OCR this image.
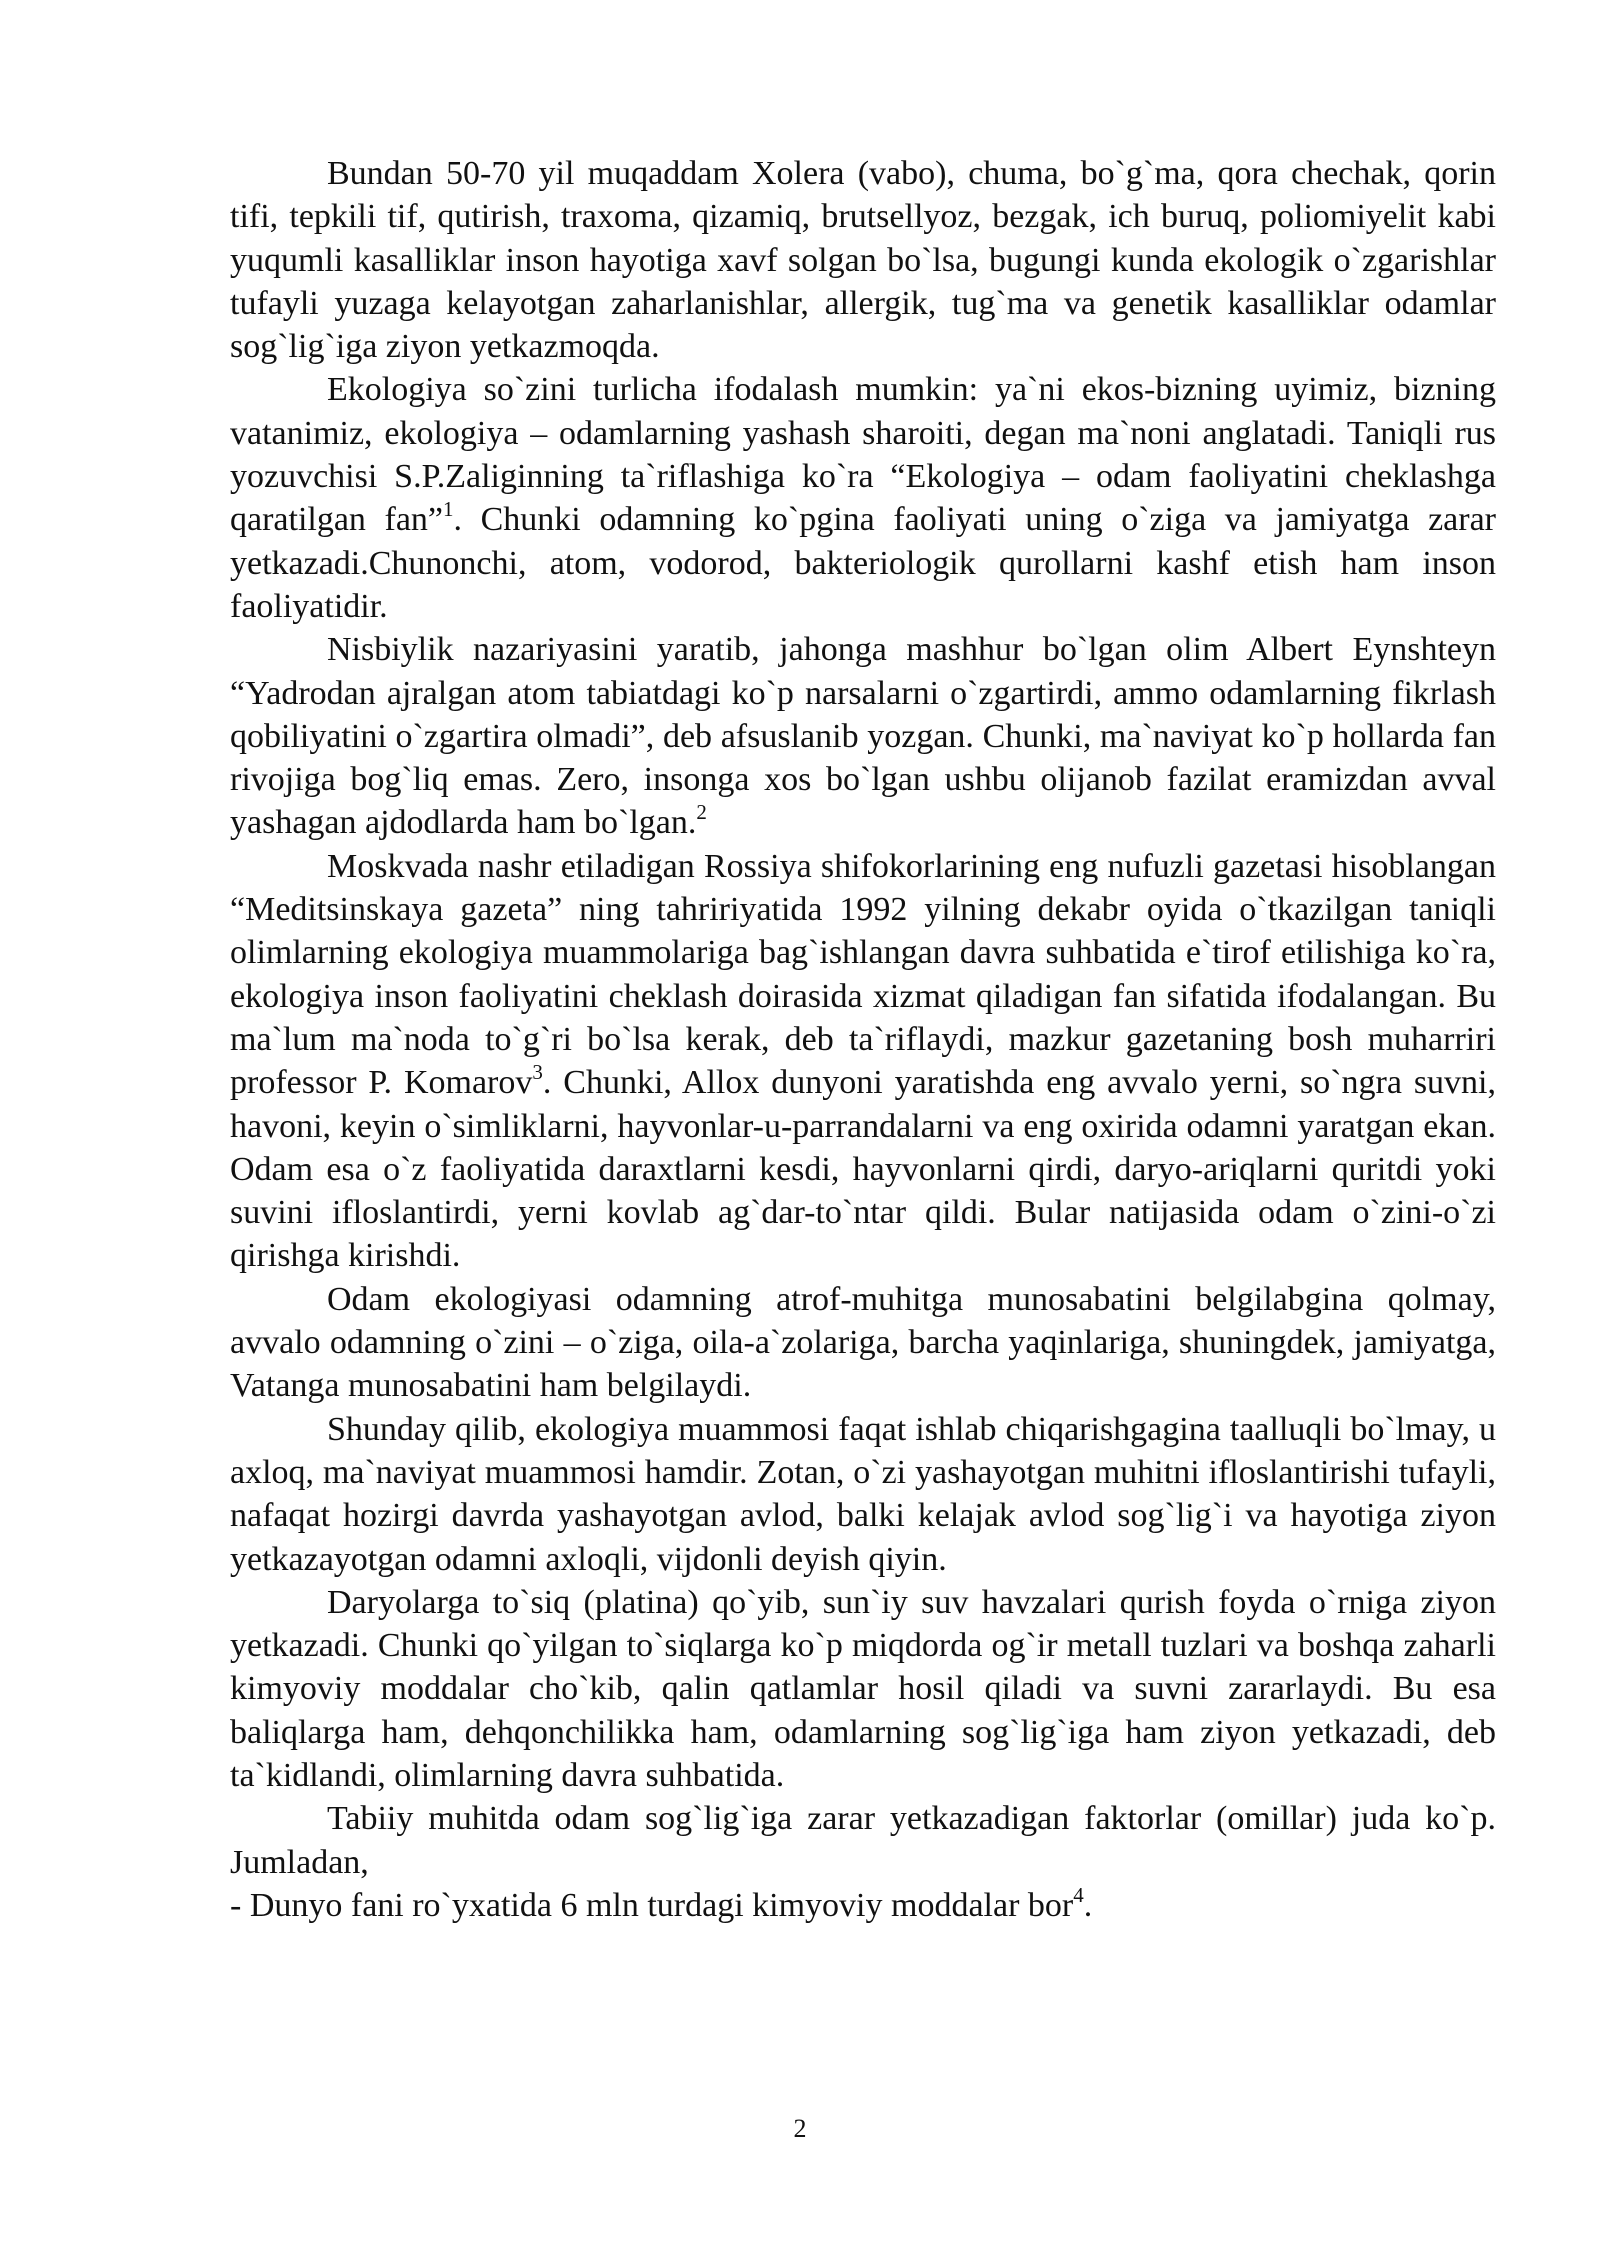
Bundan 50-70 yil muqaddam Xolera (vabo), chuma, bo`g`ma, qora chechak, qorin tifi, tepkili tif, qutirish, traxoma, qizamiq, brutsellyoz, bezgak, ich buruq, poliomiyelit kabi yuqumli kasalliklar inson hayotiga xavf solgan bo`lsa, bugungi kunda ekologik o`zgarishlar tufayli yuzaga kelayotgan zaharlanishlar, allergik, tug`ma va genetik kasalliklar odamlar sog`lig`iga ziyon yetkazmoqda.

Ekologiya so`zini turlicha ifodalash mumkin: ya`ni ekos-bizning uyimiz, bizning vatanimiz, ekologiya – odamlarning yashash sharoiti, degan ma`noni anglatadi. Taniqli rus yozuvchisi S.P.Zaliginning ta`riflashiga ko`ra “Ekologiya – odam faoliyatini cheklashga qaratilgan fan”$^1$. Chunki odamning ko`pgina faoliyati uning o`ziga va jamiyatga zarar yetkazadi.Chunonchi, atom, vodorod, bakteriologik qurollarni kashf etish ham inson faoliyatidir.

Nisbiylik nazariyasini yaratib, jahonga mashhur bo`lgan olim Albert Eynshteyn “Yadrodan ajralgan atom tabiatdagi ko`p narsalarni o`zgartirdi, ammo odamlarning fikrlash qobiliyatini o`zgartira olmadi”, deb afsuslanib yozgan. Chunki, ma`naviyat ko`p hollarda fan rivojiga bog`liq emas. Zero, insonga xos bo`lgan ushbu olijanob fazilat eramizdan avval yashagan ajdodlarda ham bo`lgan.$^2$

Moskvada nashr etiladigan Rossiya shifokorlarining eng nufuzli gazetasi hisoblangan “Meditsinskaya gazeta” ning tahririyatida 1992 yilning dekabr oyida o`tkazilgan taniqli olimlarning ekologiya muammolariga bag`ishlangan davra suhbatida e`tirof etilishiga ko`ra, ekologiya inson faoliyatini cheklash doirasida xizmat qiladigan fan sifatida ifodalangan. Bu ma`lum ma`noda to`g`ri bo`lsa kerak, deb ta`riflaydi, mazkur gazetaning bosh muharriri professor P. Komarov$^3$. Chunki, Allox dunyoni yaratishda eng avvalo yerni, so`ngra suvni, havoni, keyin o`simliklarni, hayvonlar-u-parrandalarni va eng oxirida odamni yaratgan ekan. Odam esa o`z faoliyatida daraxtlarni kesdi, hayvonlarni qirdi, daryo-ariqlarni quritdi yoki suvini ifloslantirdi, yerni kovlab ag`dar-to`ntar qildi. Bular natijasida odam o`zini-o`zi qirishga kirishdi.

Odam ekologiyasi odamning atrof-muhitga munosabatini belgilabgina qolmay, avvalo odamning o`zini – o`ziga, oila-a`zolariga, barcha yaqinlariga, shuningdek, jamiyatga, Vatanga munosabatini ham belgilaydi.

Shunday qilib, ekologiya muammosi faqat ishlab chiqarishgagina taalluqli bo`lmay, u axloq, ma`naviyat muammosi hamdir. Zotan, o`zi yashayotgan muhitni ifloslantirishi tufayli, nafaqat hozirgi davrda yashayotgan avlod, balki kelajak avlod sog`lig`i va hayotiga ziyon yetkazayotgan odamni axloqli, vijdonli deyish qiyin.

Daryolarga to`siq (platina) qo`yib, sun`iy suv havzalari qurish foyda o`rniga ziyon yetkazadi. Chunki qo`yilgan to`siqlarga ko`p miqdorda og`ir metall tuzlari va boshqa zaharli kimyoviy moddalar cho`kib, qalin qatlamlar hosil qiladi va suvni zararlaydi. Bu esa baliqlarga ham, dehqonchilikka ham, odamlarning sog`lig`iga ham ziyon yetkazadi, deb ta`kidlandi, olimlarning davra suhbatida.

Tabiiy muhitda odam sog`lig`iga zarar yetkazadigan faktorlar (omillar) juda ko`p. Jumladan,

- Dunyo fani ro`yxatida 6 mln turdagi kimyoviy moddalar bor$^4$.

2
